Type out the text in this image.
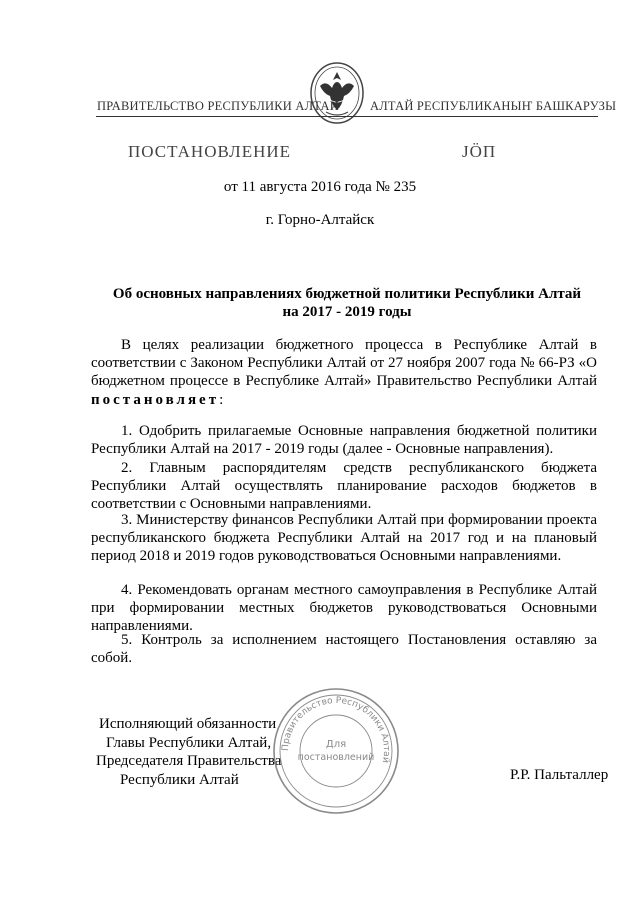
ПРАВИТЕЛЬСТВО РЕСПУБЛИКИ АЛТАЙ АЛТАЙ РЕСПУБЛИКАНЫҤ БАШКАРУЗЫ
ПОСТАНОВЛЕНИЕ	JÖП
от 11 августа 2016 года № 235
г. Горно-Алтайск
Об основных направлениях бюджетной политики Республики Алтай
на 2017 - 2019 годы
В целях реализации бюджетного процесса в Республике Алтай в соответствии с Законом Республики Алтай от 27 ноября 2007 года № 66-РЗ «О бюджетном процессе в Республике Алтай» Правительство Республики Алтай постановляет:
1. Одобрить прилагаемые Основные направления бюджетной политики Республики Алтай на 2017 - 2019 годы (далее - Основные направления).
2. Главным распорядителям средств республиканского бюджета Республики Алтай осуществлять планирование расходов бюджетов в соответствии с Основными направлениями.
3. Министерству финансов Республики Алтай при формировании проекта республиканского бюджета Республики Алтай на 2017 год и на плановый период 2018 и 2019 годов руководствоваться Основными направлениями.
4. Рекомендовать органам местного самоуправления в Республике Алтай при формировании местных бюджетов руководствоваться Основными направлениями.
5. Контроль за исполнением настоящего Постановления оставляю за собой.
Исполняющий обязанности
Главы Республики Алтай,
Председателя Правительства
Республики Алтай	Р.Р. Пальталлер
Правительство Республики Алтай
Для
постановлений
